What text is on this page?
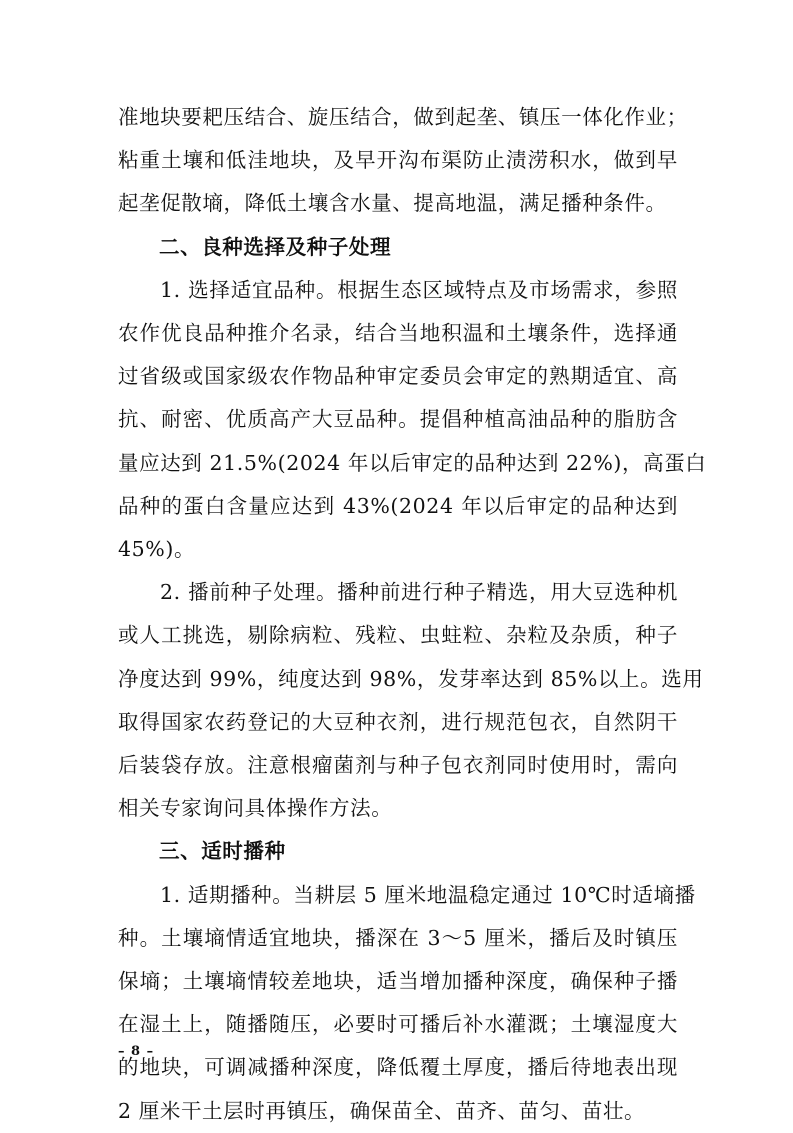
准地块要耙压结合、旋压结合，做到起垄、镇压一体化作业；
粘重土壤和低洼地块，及早开沟布渠防止渍涝积水，做到早
起垄促散墒，降低土壤含水量、提高地温，满足播种条件。
二、良种选择及种子处理
1. 选择适宜品种。根据生态区域特点及市场需求，参照
农作优良品种推介名录，结合当地积温和土壤条件，选择通
过省级或国家级农作物品种审定委员会审定的熟期适宜、高
抗、耐密、优质高产大豆品种。提倡种植高油品种的脂肪含
量应达到 21.5%(2024 年以后审定的品种达到 22%)，高蛋白
品种的蛋白含量应达到 43%(2024 年以后审定的品种达到
45%)。
2. 播前种子处理。播种前进行种子精选，用大豆选种机
或人工挑选，剔除病粒、残粒、虫蛀粒、杂粒及杂质，种子
净度达到 99%，纯度达到 98%，发芽率达到 85%以上。选用
取得国家农药登记的大豆种衣剂，进行规范包衣，自然阴干
后装袋存放。注意根瘤菌剂与种子包衣剂同时使用时，需向
相关专家询问具体操作方法。
三、适时播种
1. 适期播种。当耕层 5 厘米地温稳定通过 10℃时适墒播
种。土壤墒情适宜地块，播深在 3～5 厘米，播后及时镇压
保墒；土壤墒情较差地块，适当增加播种深度，确保种子播
在湿土上，随播随压，必要时可播后补水灌溉；土壤湿度大
的地块，可调减播种深度，降低覆土厚度，播后待地表出现
2 厘米干土层时再镇压，确保苗全、苗齐、苗匀、苗壮。
– 8 –
